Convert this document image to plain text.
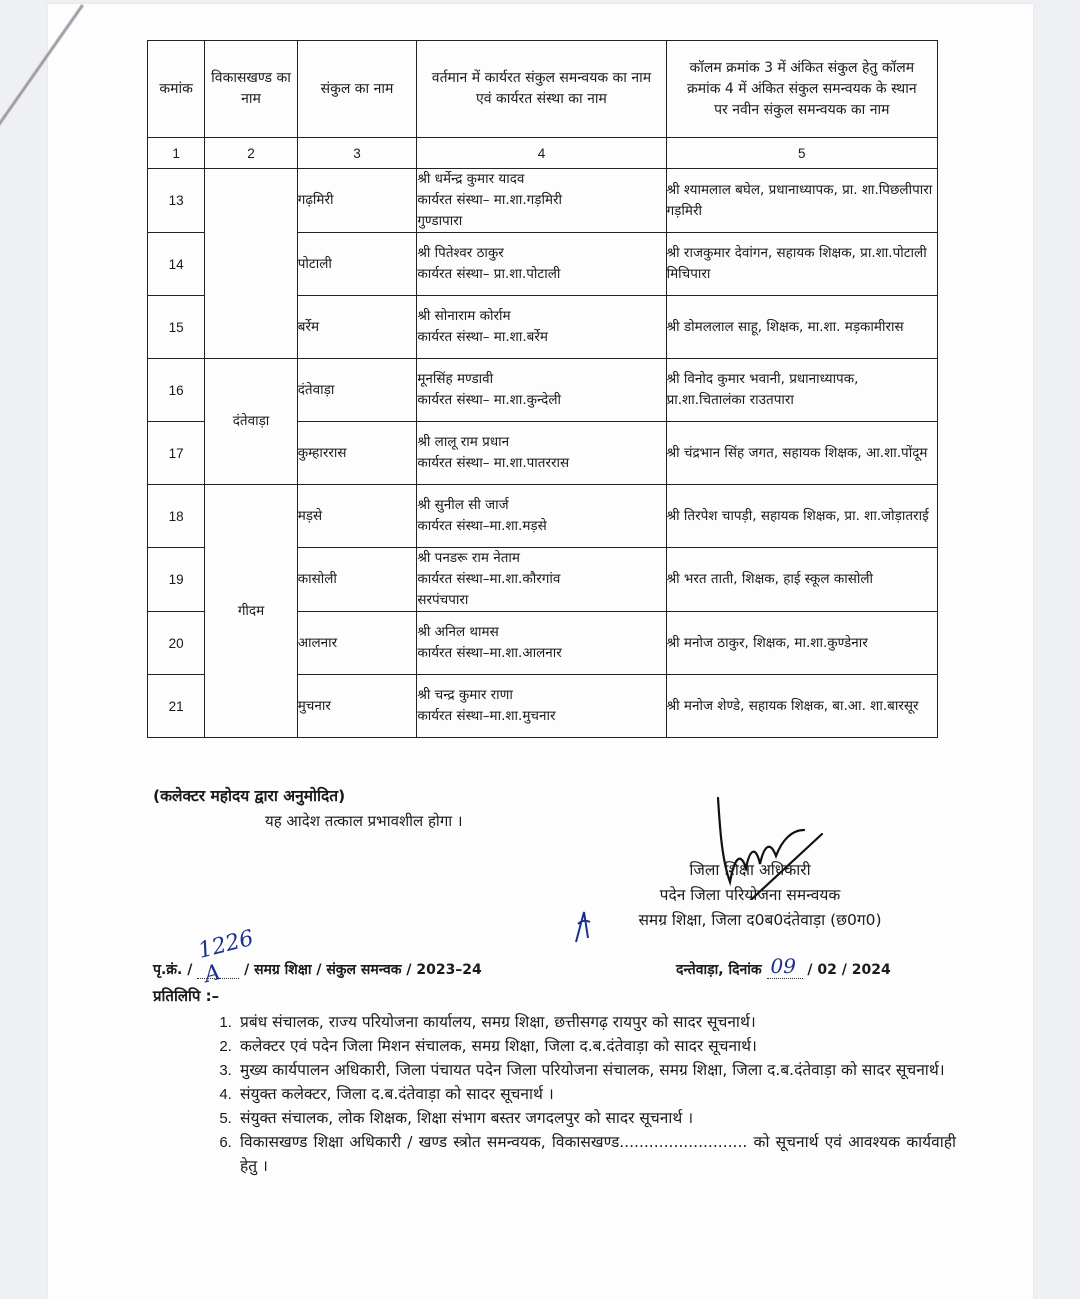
कमांक	विकासखण्ड का नाम	संकुल का नाम	वर्तमान में कार्यरत संकुल समन्वयक का नाम एवं कार्यरत संस्था का नाम	कॉलम क्रमांक 3 में अंकित संकुल हेतु कॉलम क्रमांक 4 में अंकित संकुल समन्वयक के स्थान पर नवीन संकुल समन्वयक का नाम
1	2	3	4	5
13		गढ़मिरी	श्री धर्मेन्द्र कुमार यादव
कार्यरत संस्था– मा.शा.गड़मिरी
गुण्डापारा	श्री श्यामलाल बघेल, प्रधानाध्यापक, प्रा. शा.पिछलीपारा गड़मिरी

14		पोटाली	श्री पितेश्वर ठाकुर
कार्यरत संस्था– प्रा.शा.पोटाली	श्री राजकुमार देवांगन, सहायक शिक्षक, प्रा.शा.पोटाली मिचिपारा

15		बर्रेम	श्री सोनाराम कोर्राम
कार्यरत संस्था– मा.शा.बर्रेम	श्री डोमललाल साहू, शिक्षक, मा.शा. मड़कामीरास

16	दंतेवाड़ा	दंतेवाड़ा	मूनसिंह मण्डावी
कार्यरत संस्था– मा.शा.कुन्देली	श्री विनोद कुमार भवानी, प्रधानाध्यापक, प्रा.शा.चितालंका राउतपारा

17		कुम्हाररास	श्री लालू राम प्रधान
कार्यरत संस्था– मा.शा.पातररास	श्री चंद्रभान सिंह जगत, सहायक शिक्षक, आ.शा.पोंदूम

18	गीदम	मड़से	श्री सुनील सी जार्ज
कार्यरत संस्था–मा.शा.मड़से	श्री तिरपेश चापड़ी, सहायक शिक्षक, प्रा. शा.जोड़ातराई

19		कासोली	श्री पनडरू राम नेताम
कार्यरत संस्था–मा.शा.कौरगांव
सरपंचपारा	श्री भरत ताती, शिक्षक, हाई स्कूल कासोली

20		आलनार	श्री अनिल थामस
कार्यरत संस्था–मा.शा.आलनार	श्री मनोज ठाकुर, शिक्षक, मा.शा.कुण्डेनार

21		मुचनार	श्री चन्द्र कुमार राणा
कार्यरत संस्था–मा.शा.मुचनार	श्री मनोज शेण्डे, सहायक शिक्षक, बा.आ. शा.बारसूर
(कलेक्टर महोदय द्वारा अनुमोदित)
यह आदेश तत्काल प्रभावशील होगा ।
जिला शिक्षा अधिकारी
पदेन जिला परियोजना समन्वयक
समग्र शिक्षा, जिला द0ब0दंतेवाड़ा (छ0ग0)
पृ.क्रं. /
1226 A	/ समग्र शिक्षा / संकुल समन्वक / 2023–24	दन्तेवाड़ा, दिनांक 09 / 02 / 2024
प्रतिलिपि :–
1. प्रबंध संचालक, राज्य परियोजना कार्यालय, समग्र शिक्षा, छत्तीसगढ़ रायपुर को सादर सूचनार्थ।
2. कलेक्टर एवं पदेन जिला मिशन संचालक, समग्र शिक्षा, जिला द.ब.दंतेवाड़ा को सादर सूचनार्थ।
3. मुख्य कार्यपालन अधिकारी, जिला पंचायत पदेन जिला परियोजना संचालक, समग्र शिक्षा, जिला द.ब.दंतेवाड़ा को सादर सूचनार्थ।
4. संयुक्त कलेक्टर, जिला द.ब.दंतेवाड़ा को सादर सूचनार्थ ।
5. संयुक्त संचालक, लोक शिक्षक, शिक्षा संभाग बस्तर जगदलपुर को सादर सूचनार्थ ।
6. विकासखण्ड शिक्षा अधिकारी / खण्ड स्त्रोत समन्वयक, विकासखण्ड.......................... को सूचनार्थ एवं आवश्यक कार्यवाही हेतु ।
